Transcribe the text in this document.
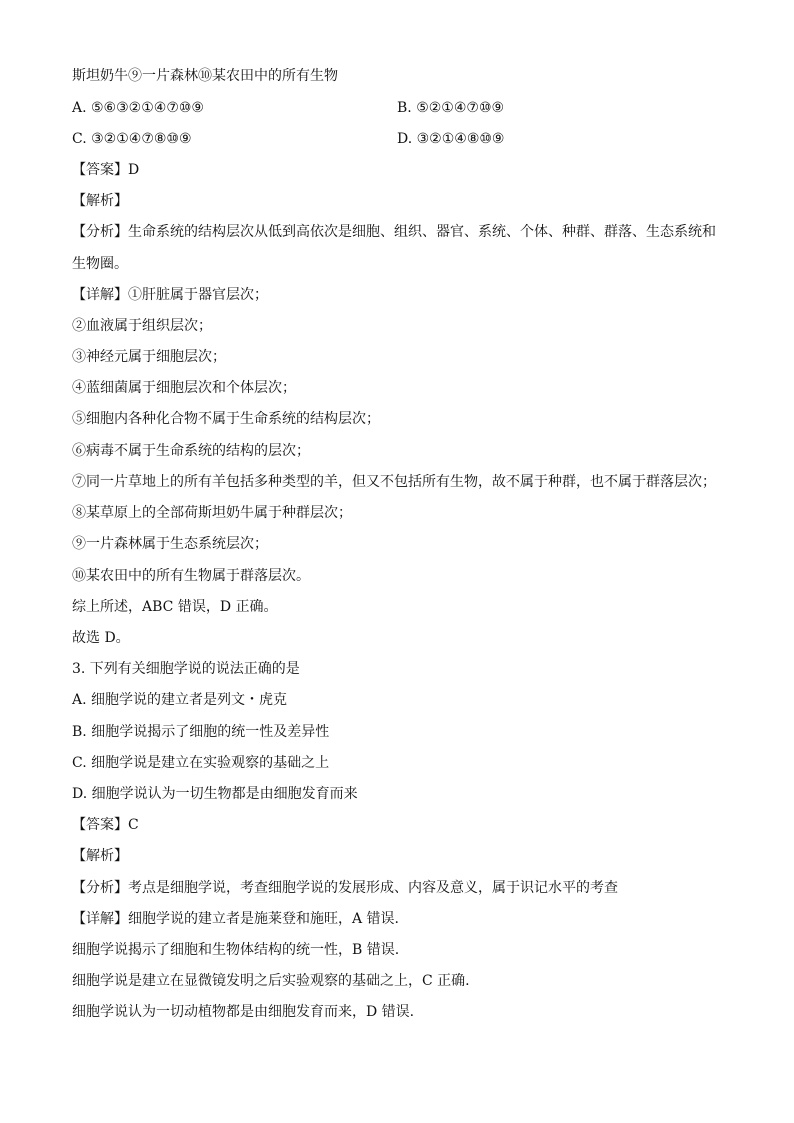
斯坦奶牛⑨一片森林⑩某农田中的所有生物
A. ⑤⑥③②①④⑦⑩⑨	B. ⑤②①④⑦⑩⑨
C. ③②①④⑦⑧⑩⑨	D. ③②①④⑧⑩⑨
【答案】D
【解析】
【分析】生命系统的结构层次从低到高依次是细胞、组织、器官、系统、个体、种群、群落、生态系统和
生物圈。
【详解】①肝脏属于器官层次；
②血液属于组织层次；
③神经元属于细胞层次；
④蓝细菌属于细胞层次和个体层次；
⑤细胞内各种化合物不属于生命系统的结构层次；
⑥病毒不属于生命系统的结构的层次；
⑦同一片草地上的所有羊包括多种类型的羊，但又不包括所有生物，故不属于种群，也不属于群落层次；
⑧某草原上的全部荷斯坦奶牛属于种群层次；
⑨一片森林属于生态系统层次；
⑩某农田中的所有生物属于群落层次。
综上所述，ABC 错误，D 正确。
故选 D。
3. 下列有关细胞学说的说法正确的是
A. 细胞学说的建立者是列文・虎克
B. 细胞学说揭示了细胞的统一性及差异性
C. 细胞学说是建立在实验观察的基础之上
D. 细胞学说认为一切生物都是由细胞发育而来
【答案】C
【解析】
【分析】考点是细胞学说，考查细胞学说的发展形成、内容及意义，属于识记水平的考查
【详解】细胞学说的建立者是施莱登和施旺，A 错误.
细胞学说揭示了细胞和生物体结构的统一性，B 错误.
细胞学说是建立在显微镜发明之后实验观察的基础之上，C 正确.
细胞学说认为一切动植物都是由细胞发育而来，D 错误.
